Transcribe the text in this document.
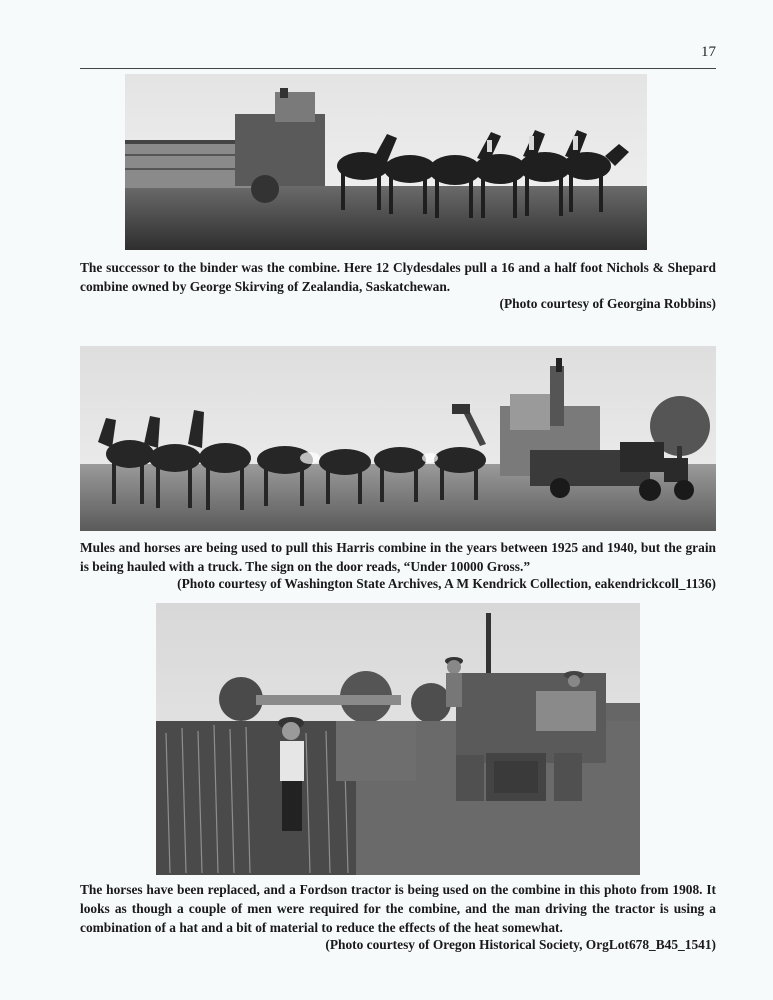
17

The successor to the binder was the combine. Here 12 Clydesdales pull a 16 and a half foot Nichols & Shepard combine owned by George Skirving of Zealandia, Saskatchewan.

(Photo courtesy of Georgina Robbins)

Mules and horses are being used to pull this Harris combine in the years between 1925 and 1940, but the grain is being hauled with a truck. The sign on the door reads, “Under 10000 Gross.”

(Photo courtesy of Washington State Archives, A M Kendrick Collection, eakendrickcoll_1136)

The horses have been replaced, and a Fordson tractor is being used on the combine in this photo from 1908. It looks as though a couple of men were required for the combine, and the man driving the tractor is using a combination of a hat and a bit of material to reduce the effects of the heat somewhat.

(Photo courtesy of Oregon Historical Society, OrgLot678_B45_1541)
